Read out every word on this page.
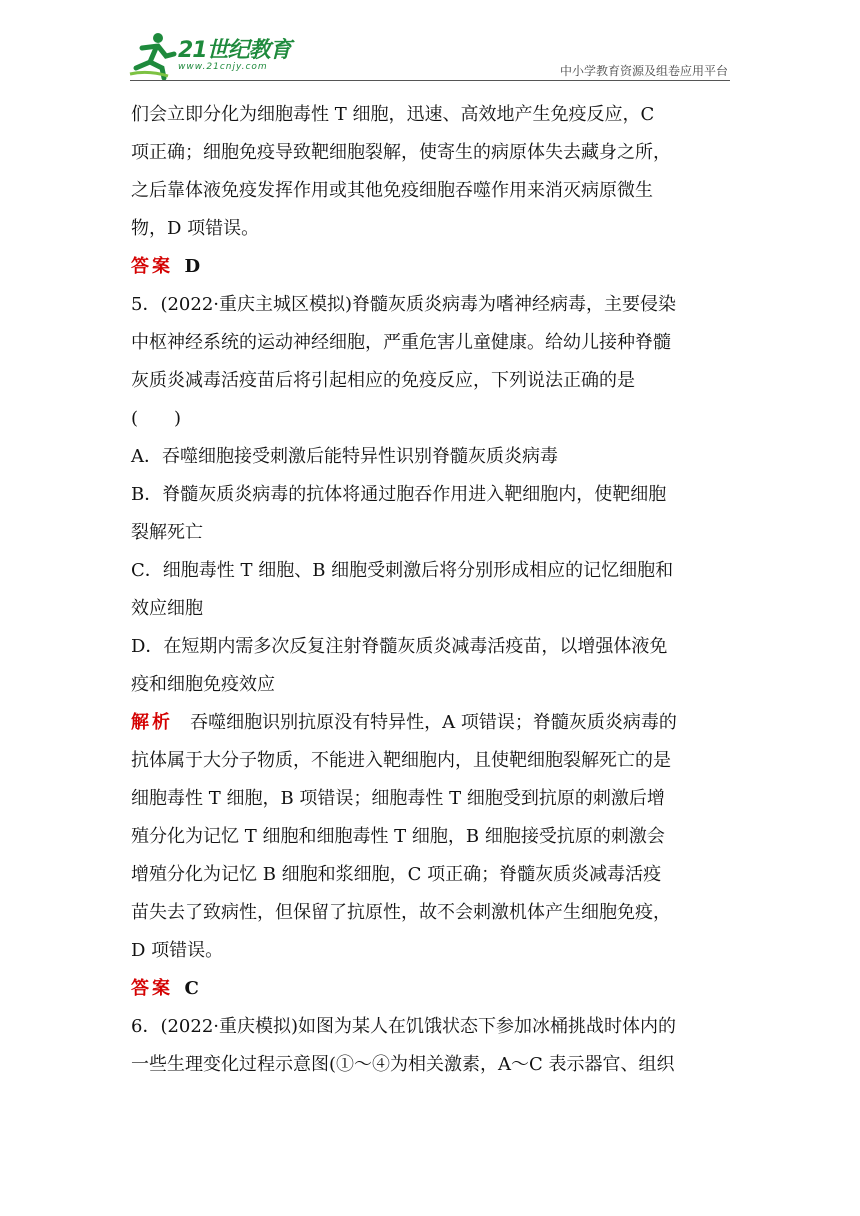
21世纪教育
www.21cnjy.com	中小学教育资源及组卷应用平台

们会立即分化为细胞毒性 T 细胞，迅速、高效地产生免疫反应，C

项正确；细胞免疫导致靶细胞裂解，使寄生的病原体失去藏身之所，

之后靠体液免疫发挥作用或其他免疫细胞吞噬作用来消灭病原微生

物，D 项错误。

答案 D

5．(2022·重庆主城区模拟)脊髓灰质炎病毒为嗜神经病毒，主要侵染

中枢神经系统的运动神经细胞，严重危害儿童健康。给幼儿接种脊髓

灰质炎减毒活疫苗后将引起相应的免疫反应，下列说法正确的是

(　　)

A．吞噬细胞接受刺激后能特异性识别脊髓灰质炎病毒

B．脊髓灰质炎病毒的抗体将通过胞吞作用进入靶细胞内，使靶细胞

裂解死亡

C．细胞毒性 T 细胞、B 细胞受刺激后将分别形成相应的记忆细胞和

效应细胞

D．在短期内需多次反复注射脊髓灰质炎减毒活疫苗，以增强体液免

疫和细胞免疫效应

解析 吞噬细胞识别抗原没有特异性，A 项错误；脊髓灰质炎病毒的

抗体属于大分子物质，不能进入靶细胞内，且使靶细胞裂解死亡的是

细胞毒性 T 细胞，B 项错误；细胞毒性 T 细胞受到抗原的刺激后增

殖分化为记忆 T 细胞和细胞毒性 T 细胞，B 细胞接受抗原的刺激会

增殖分化为记忆 B 细胞和浆细胞，C 项正确；脊髓灰质炎减毒活疫

苗失去了致病性，但保留了抗原性，故不会刺激机体产生细胞免疫，

D 项错误。

答案 C

6．(2022·重庆模拟)如图为某人在饥饿状态下参加冰桶挑战时体内的

一些生理变化过程示意图(①～④为相关激素，A～C 表示器官、组织
